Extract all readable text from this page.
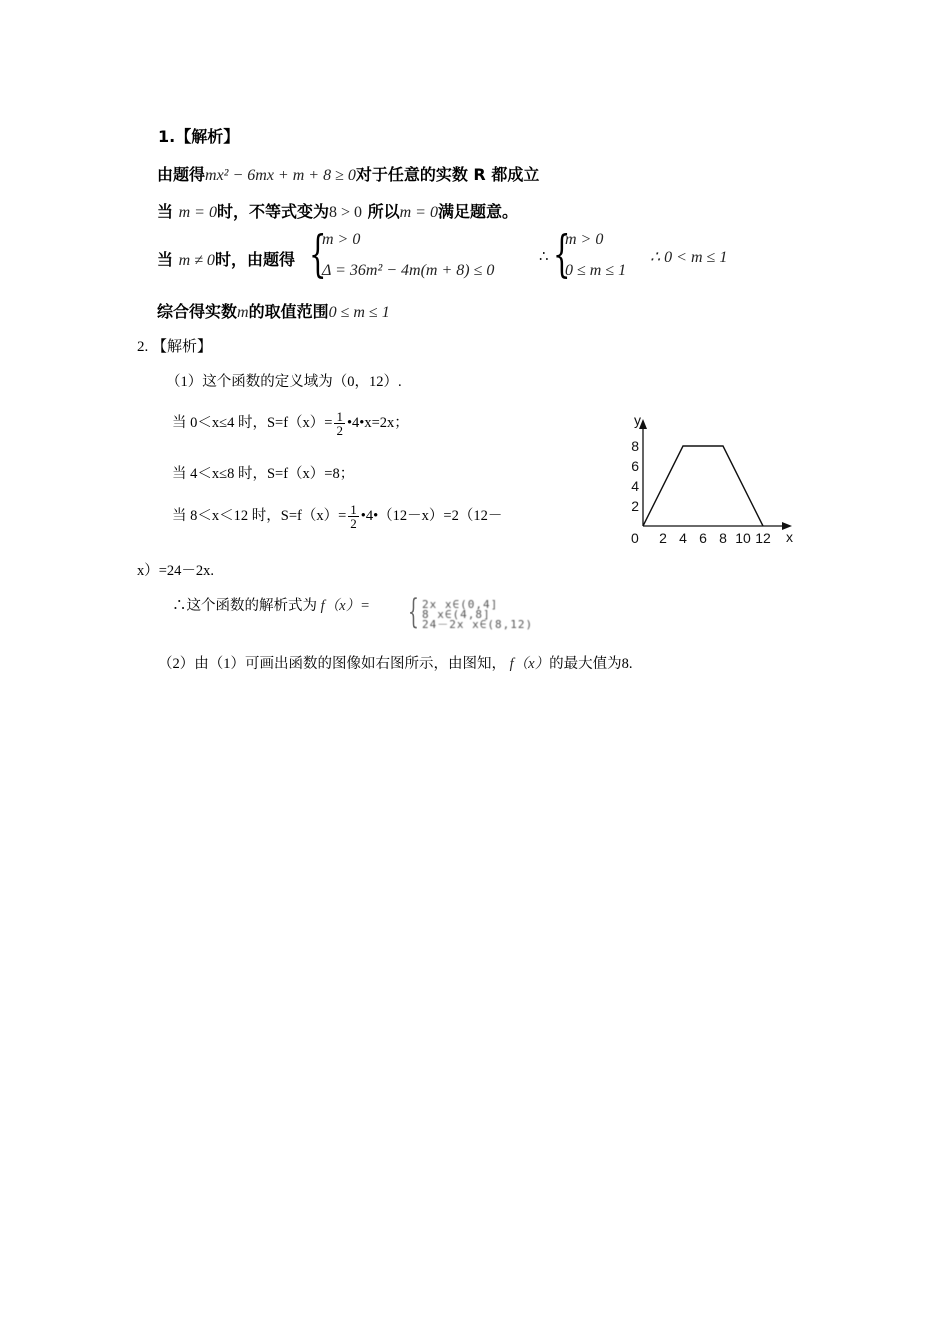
1.【解析】
由题得mx² − 6mx + m + 8 ≥ 0对于任意的实数 R 都成立
当 m = 0时，不等式变为8 > 0 所以m = 0满足题意。
当 m ≠ 0时，由题得 {
m > 0
Δ = 36m² − 4m(m + 8) ≤ 0
∴ {
m > 0
0 ≤ m ≤ 1
∴ 0 < m ≤ 1
综合得实数m的取值范围0 ≤ m ≤ 1
2. 【解析】
（1）这个函数的定义域为（0，12）.
当 0＜x≤4 时，$S=f(x)= \frac{1}{2}$ •4•x=2x；
当 4＜x≤8 时，S=f（x）=8；
当 8＜x＜12 时，$S=f(x)= \frac{1}{2}$ •4•（12－x）=2（12－
x）=24－2x.
∴这个函数的解析式为 f（x）= { 2x x∈(0,4]
8 x∈(4,8]
24－2x x∈(8,12)
（2）由（1）可画出函数的图像如右图所示，由图知， f（x）的最大值为8.
x
y
0 2 4 6 8 10 12
2
4
6
8
